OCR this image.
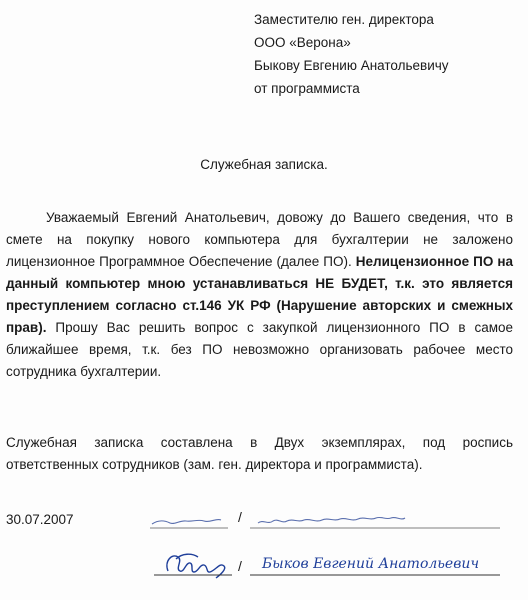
Заместителю ген. директора
ООО «Верона»
Быкову Евгению Анатольевичу
от программиста
Служебная записка.
Уважаемый Евгений Анатольевич, довожу до Вашего сведения, что в смете на покупку нового компьютера для бухгалтерии не заложено лицензионное Программное Обеспечение (далее ПО). Нелицензионное ПО на данный компьютер мною устанавливаться НЕ БУДЕТ, т.к. это является преступлением согласно ст.146 УК РФ (Нарушение авторских и смежных прав). Прошу Вас решить вопрос с закупкой лицензионного ПО в самое ближайшее время, т.к. без ПО невозможно организовать рабочее место сотрудника бухгалтерии.
Служебная записка составлена в Двух экземплярах, под роспись ответственных сотрудников (зам. ген. директора и программиста).
30.07.2007	/
/ Быков Евгений Анатольевич
